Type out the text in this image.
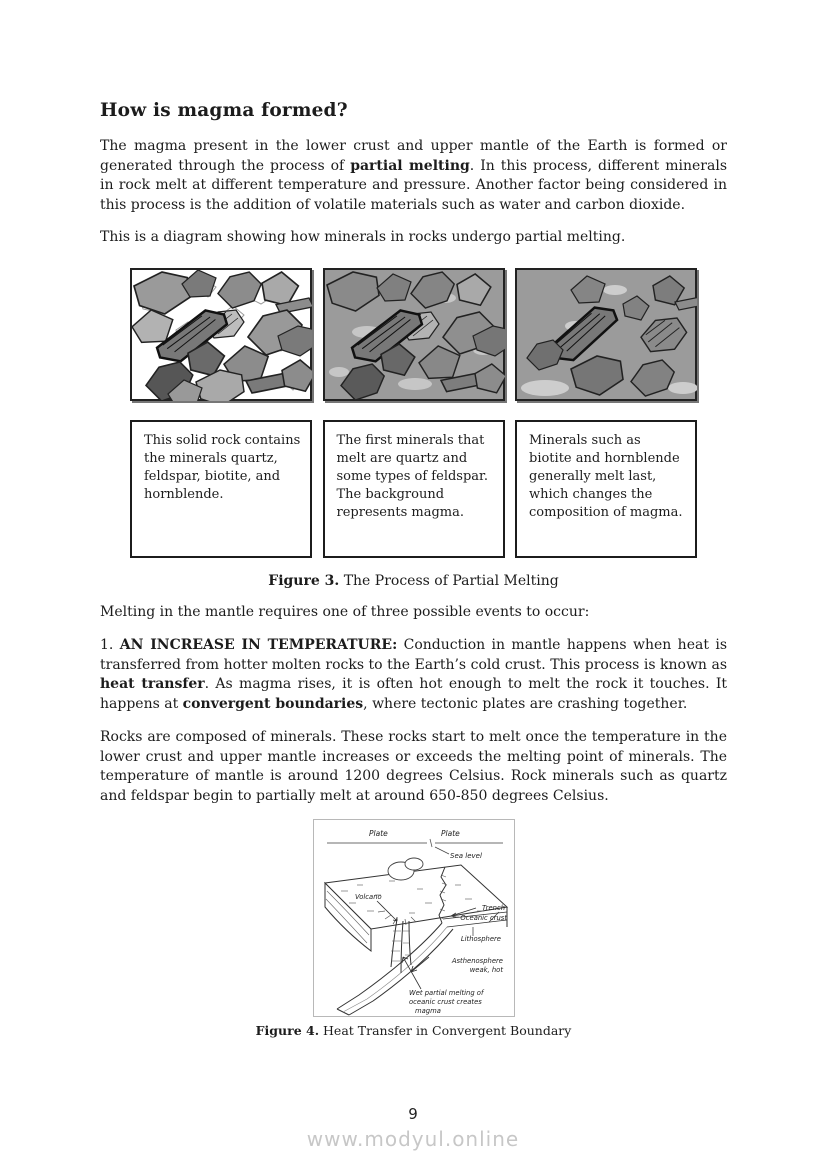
How is magma formed?

The magma present in the lower crust and upper mantle of the Earth is formed or generated through the process of partial melting. In this process, different minerals in rock melt at different temperature and pressure. Another factor being considered in this process is the addition of volatile materials such as water and carbon dioxide.

This is a diagram showing how minerals in rocks undergo partial melting.

This solid rock contains the minerals quartz, feldspar, biotite, and hornblende.
The first minerals that melt are quartz and some types of feldspar. The background represents magma.
Minerals such as biotite and hornblende generally melt last, which changes the composition of magma.

Figure 3. The Process of Partial Melting

Melting in the mantle requires one of three possible events to occur:

1. AN INCREASE IN TEMPERATURE: Conduction in mantle happens when heat is transferred from hotter molten rocks to the Earth’s cold crust. This process is known as heat transfer. As magma rises, it is often hot enough to melt the rock it touches. It happens at convergent boundaries, where tectonic plates are crashing together.

Rocks are composed of minerals. These rocks start to melt once the temperature in the lower crust and upper mantle increases or exceeds the melting point of minerals. The temperature of mantle is around 1200 degrees Celsius. Rock minerals such as quartz and feldspar begin to partially melt at around 650-850 degrees Celsius.

Plate	Plate
Sea level
Volcano
Trench
Oceanic crust
Lithosphere
Asthenosphere
weak, hot
Wet partial melting of
oceanic crust creates
magma

Figure 4. Heat Transfer in Convergent Boundary

9
www.modyul.online
